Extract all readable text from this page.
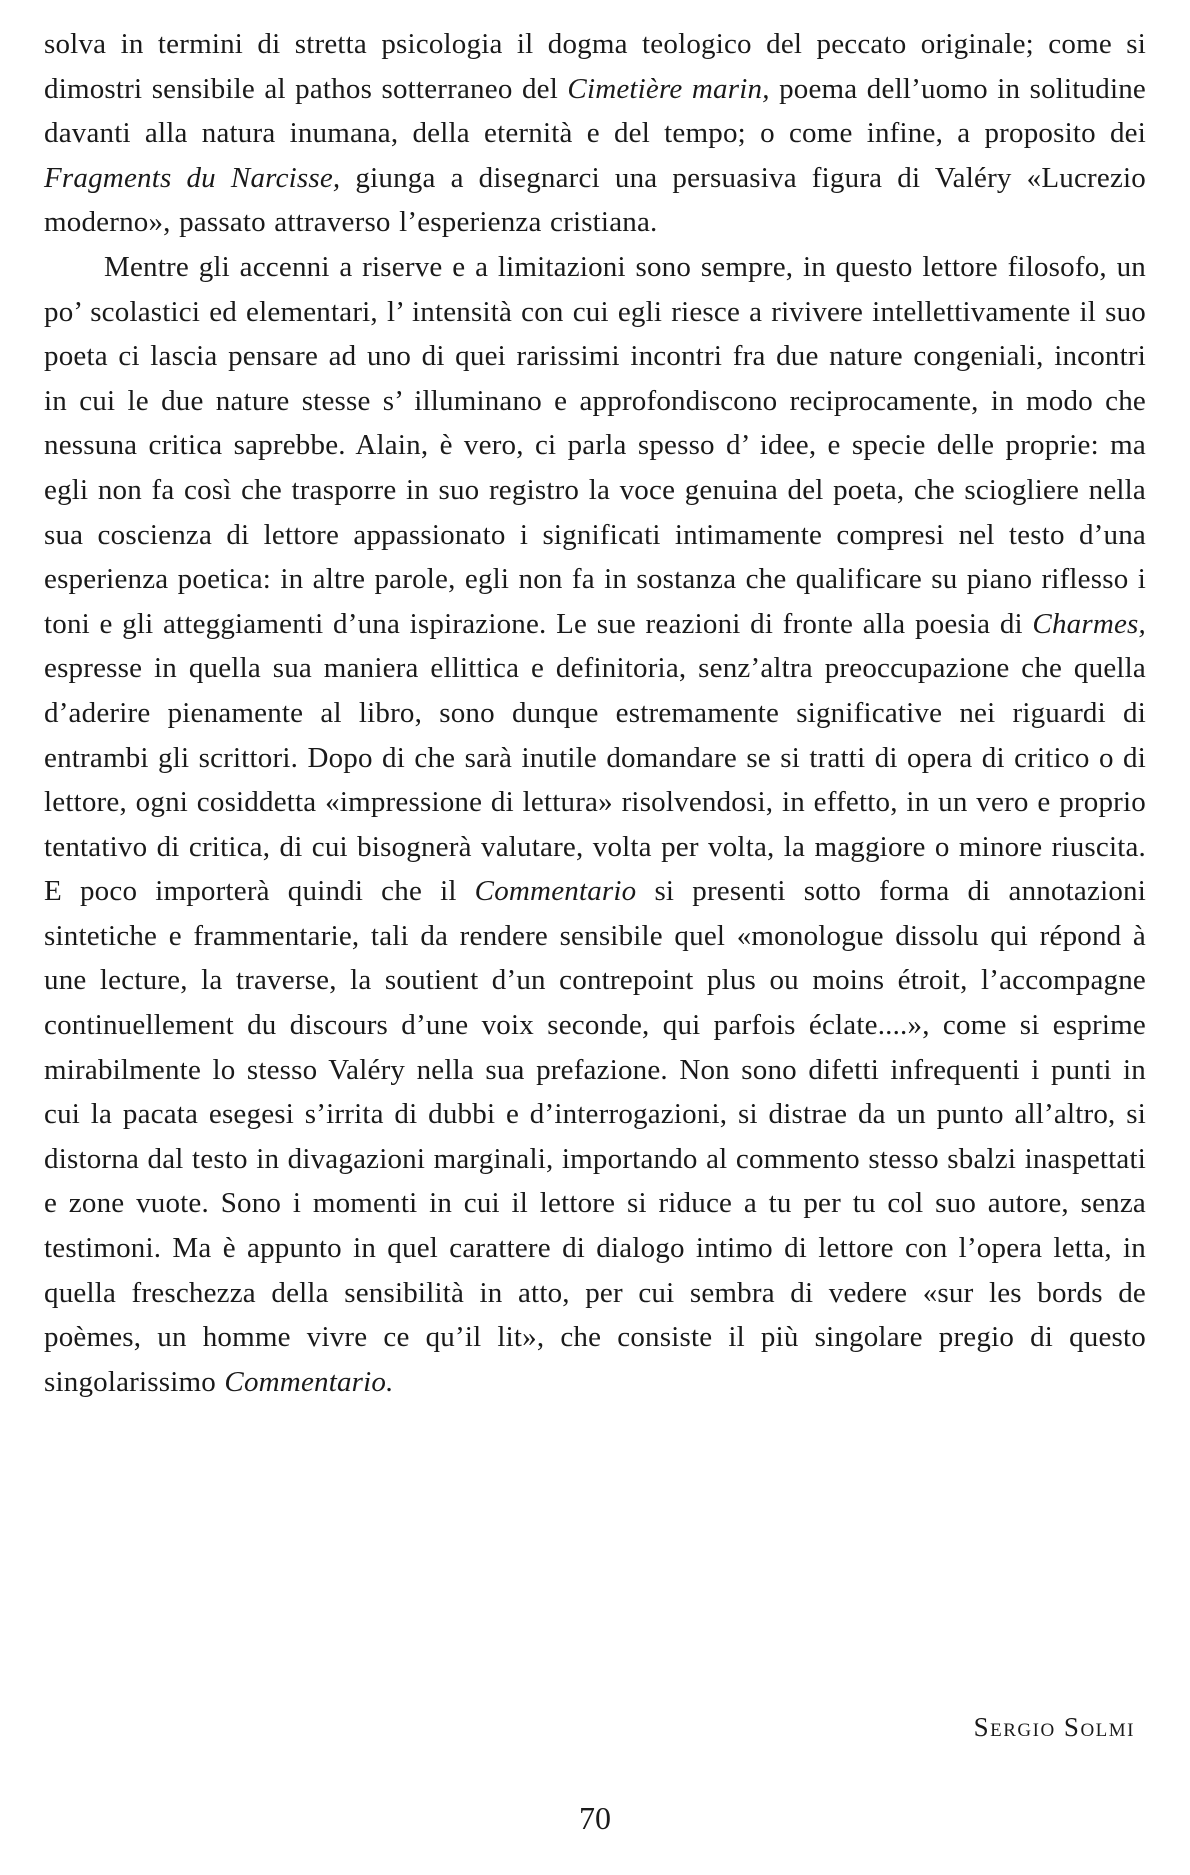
solva in termini di stretta psicologia il dogma teologico del peccato originale; come si dimostri sensibile al pathos sotterraneo del Cimetière marin, poema dell’uomo in solitudine davanti alla natura inumana, della eternità e del tempo; o come infine, a proposito dei Fragments du Narcisse, giunga a disegnarci una persuasiva figura di Valéry «Lucrezio moderno», passato attraverso l’esperienza cristiana.

Mentre gli accenni a riserve e a limitazioni sono sempre, in questo lettore filosofo, un po’ scolastici ed elementari, l’ intensità con cui egli riesce a rivivere intellettivamente il suo poeta ci lascia pensare ad uno di quei rarissimi incontri fra due nature congeniali, incontri in cui le due nature stesse s’ illuminano e approfondiscono reciprocamente, in modo che nessuna critica saprebbe. Alain, è vero, ci parla spesso d’ idee, e specie delle proprie: ma egli non fa così che trasporre in suo registro la voce genuina del poeta, che sciogliere nella sua coscienza di lettore appassionato i significati intimamente compresi nel testo d’una esperienza poetica: in altre parole, egli non fa in sostanza che qualificare su piano riflesso i toni e gli atteggiamenti d’una ispirazione. Le sue reazioni di fronte alla poesia di Charmes, espresse in quella sua maniera ellittica e definitoria, senz’altra preoccupazione che quella d’aderire pienamente al libro, sono dunque estremamente significative nei riguardi di entrambi gli scrittori. Dopo di che sarà inutile domandare se si tratti di opera di critico o di lettore, ogni cosiddetta «impressione di lettura» risolvendosi, in effetto, in un vero e proprio tentativo di critica, di cui bisognerà valutare, volta per volta, la maggiore o minore riuscita. E poco importerà quindi che il Commentario si presenti sotto forma di annotazioni sintetiche e frammentarie, tali da rendere sensibile quel «monologue dissolu qui répond à une lecture, la traverse, la soutient d’un contrepoint plus ou moins étroit, l’accompagne continuellement du discours d’une voix seconde, qui parfois éclate....», come si esprime mirabilmente lo stesso Valéry nella sua prefazione. Non sono difetti infrequenti i punti in cui la pacata esegesi s’irrita di dubbi e d’interrogazioni, si distrae da un punto all’altro, si distorna dal testo in divagazioni marginali, importando al commento stesso sbalzi inaspettati e zone vuote. Sono i momenti in cui il lettore si riduce a tu per tu col suo autore, senza testimoni. Ma è appunto in quel carattere di dialogo intimo di lettore con l’opera letta, in quella freschezza della sensibilità in atto, per cui sembra di vedere «sur les bords de poèmes, un homme vivre ce qu’il lit», che consiste il più singolare pregio di questo singolarissimo Commentario.

Sergio Solmi
70
